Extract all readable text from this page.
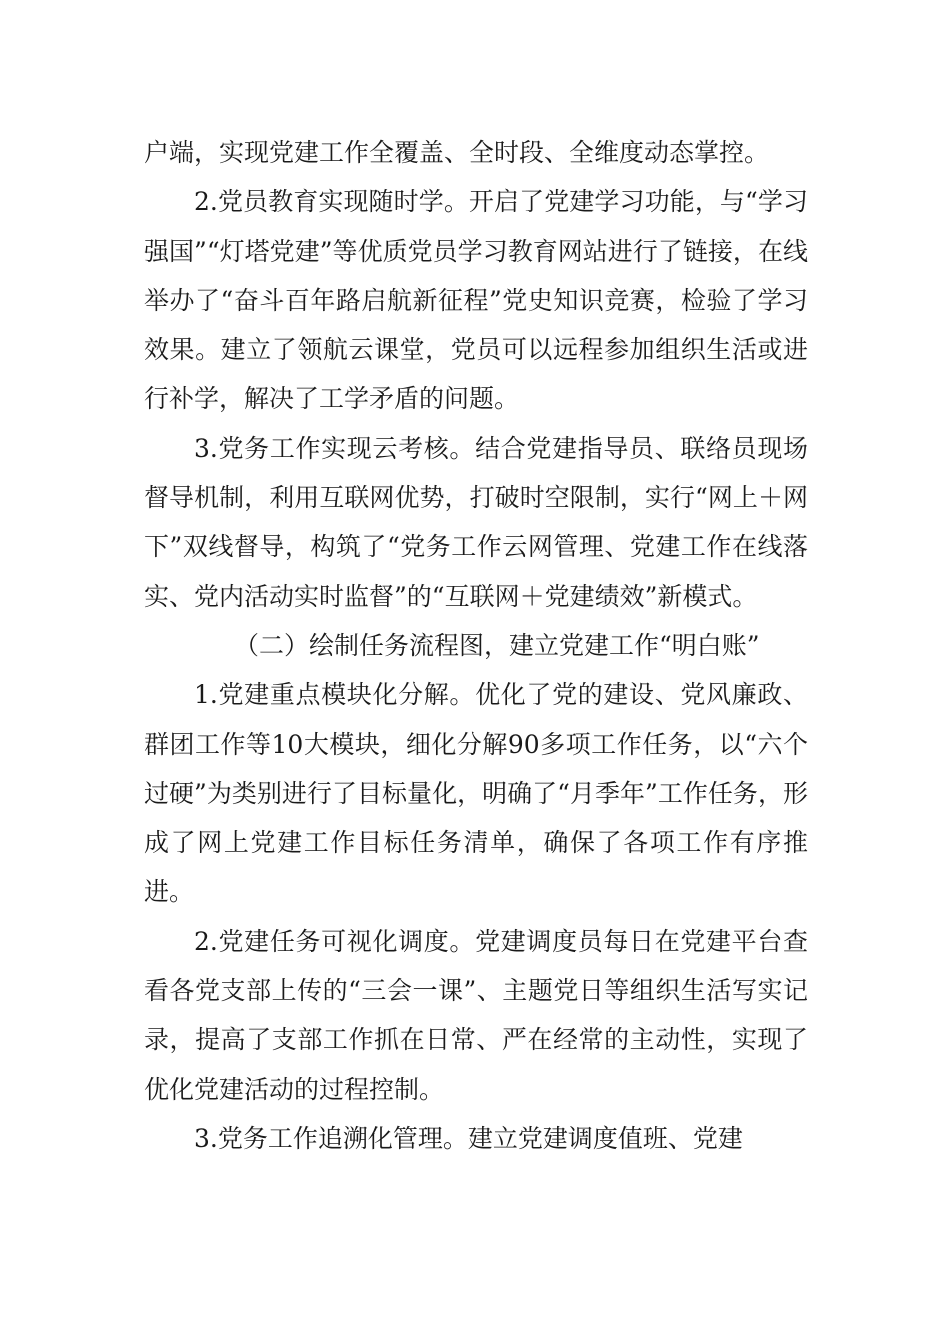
户端，实现党建工作全覆盖、全时段、全维度动态掌控。

2.党员教育实现随时学。开启了党建学习功能，与“学习强国”“灯塔党建”等优质党员学习教育网站进行了链接，在线举办了“奋斗百年路启航新征程”党史知识竞赛，检验了学习效果。建立了领航云课堂，党员可以远程参加组织生活或进行补学，解决了工学矛盾的问题。

3.党务工作实现云考核。结合党建指导员、联络员现场督导机制，利用互联网优势，打破时空限制，实行“网上＋网下”双线督导，构筑了“党务工作云网管理、党建工作在线落实、党内活动实时监督”的“互联网＋党建绩效”新模式。

（二）绘制任务流程图，建立党建工作“明白账”

1.党建重点模块化分解。优化了党的建设、党风廉政、群团工作等10大模块，细化分解90多项工作任务，以“六个过硬”为类别进行了目标量化，明确了“月季年”工作任务，形成了网上党建工作目标任务清单，确保了各项工作有序推进。

2.党建任务可视化调度。党建调度员每日在党建平台查看各党支部上传的“三会一课”、主题党日等组织生活写实记录，提高了支部工作抓在日常、严在经常的主动性，实现了优化党建活动的过程控制。

3.党务工作追溯化管理。建立党建调度值班、党建
